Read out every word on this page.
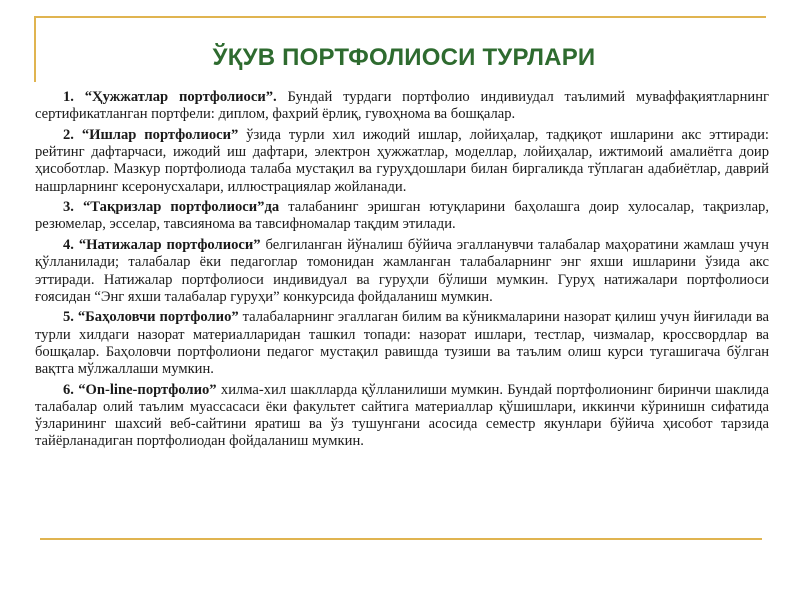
ЎҚУВ ПОРТФОЛИОСИ ТУРЛАРИ

1. “Ҳужжатлар портфолиоси”. Бундай турдаги портфолио индивиудал таълимий муваффақиятларнинг сертификатланган портфели: диплом, фахрий ёрлиқ, гувоҳнома ва бошқалар.

2. “Ишлар портфолиоси” ўзида турли хил ижодий ишлар, лойиҳалар, тадқиқот ишларини акс эттиради: рейтинг дафтарчаси, ижодий иш дафтари, электрон ҳужжатлар, моделлар, лойиҳалар, ижтимоий амалиётга доир ҳисоботлар. Мазкур портфолиода талаба мустақил ва гуруҳдошлари билан биргаликда тўплаган адабиётлар, даврий нашрларнинг ксеронусхалари, иллюстрациялар жойланади.

3. “Тақризлар портфолиоси”да талабанинг эришган ютуқларини баҳолашга доир хулосалар, тақризлар, резюмелар, эсселар, тавсиянома ва тавсифномалар тақдим этилади.

4. “Натижалар портфолиоси” белгиланган йўналиш бўйича эгалланувчи талабалар маҳоратини жамлаш учун қўлланилади; талабалар ёки педагоглар томонидан жамланган талабаларнинг энг яхши ишларини ўзида акс эттиради. Натижалар портфолиоси индивидуал ва гуруҳли бўлиши мумкин. Гуруҳ натижалари портфолиоси ғоясидан “Энг яхши талабалар гуруҳи” конкурсида фойдаланиш мумкин.

5. “Баҳоловчи портфолио” талабаларнинг эгаллаган билим ва кўникмаларини назорат қилиш учун йиғилади ва турли хилдаги назорат материалларидан ташкил топади: назорат ишлари, тестлар, чизмалар, кроссвордлар ва бошқалар. Баҳоловчи портфолиони педагог мустақил равишда тузиши ва таълим олиш курси тугашигача бўлган вақтга мўлжаллаши мумкин.

6. “On-line-портфолио” хилма-хил шаклларда қўлланилиши мумкин. Бундай портфолионинг биринчи шаклида талабалар олий таълим муассасаси ёки факультет сайтига материаллар қўшишлари, иккинчи кўринишн сифатида ўзларининг шахсий веб-сайтини яратиш ва ўз тушунгани асосида семестр якунлари бўйича ҳисобот тарзида тайёрланадиган портфолиодан фойдаланиш мумкин.
